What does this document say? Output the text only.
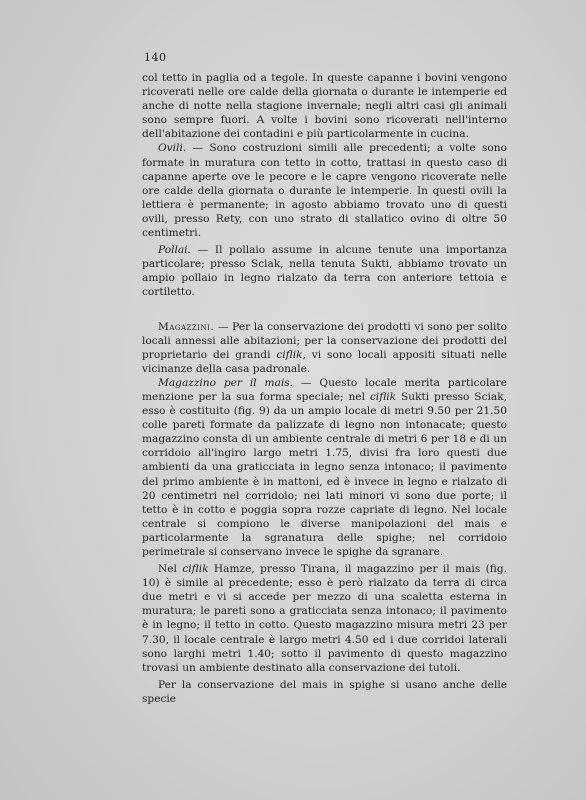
140

col tetto in paglia od a tegole. In queste capanne i bovini vengono ricoverati nelle ore calde della giornata o durante le intemperie ed anche di notte nella stagione invernale; negli altri casi gli animali sono sempre fuori. A volte i bovini sono ricoverati nell'interno dell'abitazione dei contadini e più particolarmente in cucina.

Ovili. — Sono costruzioni simili alle precedenti; a volte sono formate in muratura con tetto in cotto, trattasi in questo caso di capanne aperte ove le pecore e le capre vengono ricoverate nelle ore calde della giornata o durante le intemperie. In questi ovili la lettiera è permanente; in agosto abbiamo trovato uno di questi ovili, presso Rety, con uno strato di stallatico ovino di oltre 50 centimetri.

Pollai. — Il pollaio assume in alcune tenute una importanza particolare; presso Sciak, nella tenuta Sukti, abbiamo trovato un ampio pollaio in legno rialzato da terra con anteriore tettoia e cortiletto.

Magazzini. — Per la conservazione dei prodotti vi sono per solito locali annessi alle abitazioni; per la conservazione dei prodotti del proprietario dei grandi ciflik, vi sono locali appositi situati nelle vicinanze della casa padronale.

Magazzino per il mais. — Questo locale merita particolare menzione per la sua forma speciale; nel ciflik Sukti presso Sciak, esso è costituito (fig. 9) da un ampio locale di metri 9.50 per 21.50 colle pareti formate da palizzate di legno non intonacate; questo magazzino consta di un ambiente centrale di metri 6 per 18 e di un corridoio all'ingiro largo metri 1.75, divisi fra loro questi due ambienti da una graticciata in legno senza intonaco; il pavimento del primo ambiente è in mattoni, ed è invece in legno e rialzato di 20 centimetri nel corridoio; nei lati minori vi sono due porte; il tetto è in cotto e poggia sopra rozze capriate di legno. Nel locale centrale si compiono le diverse manipolazioni del mais e particolarmente la sgranatura delle spighe; nel corridoio perimetrale si conservano invece le spighe da sgranare.

Nel ciflik Hamze, presso Tirana, il magazzino per il mais (fig. 10) è simile al precedente; esso è però rialzato da terra di circa due metri e vi si accede per mezzo di una scaletta esterna in muratura; le pareti sono a graticciata senza intonaco; il pavimento è in legno; il tetto in cotto. Questo magazzino misura metri 23 per 7.30, il locale centrale è largo metri 4.50 ed i due corridoi laterali sono larghi metri 1.40; sotto il pavimento di questo magazzino trovasi un ambiente destinato alla conservazione dei tutoli.

Per la conservazione del mais in spighe si usano anche delle specie
